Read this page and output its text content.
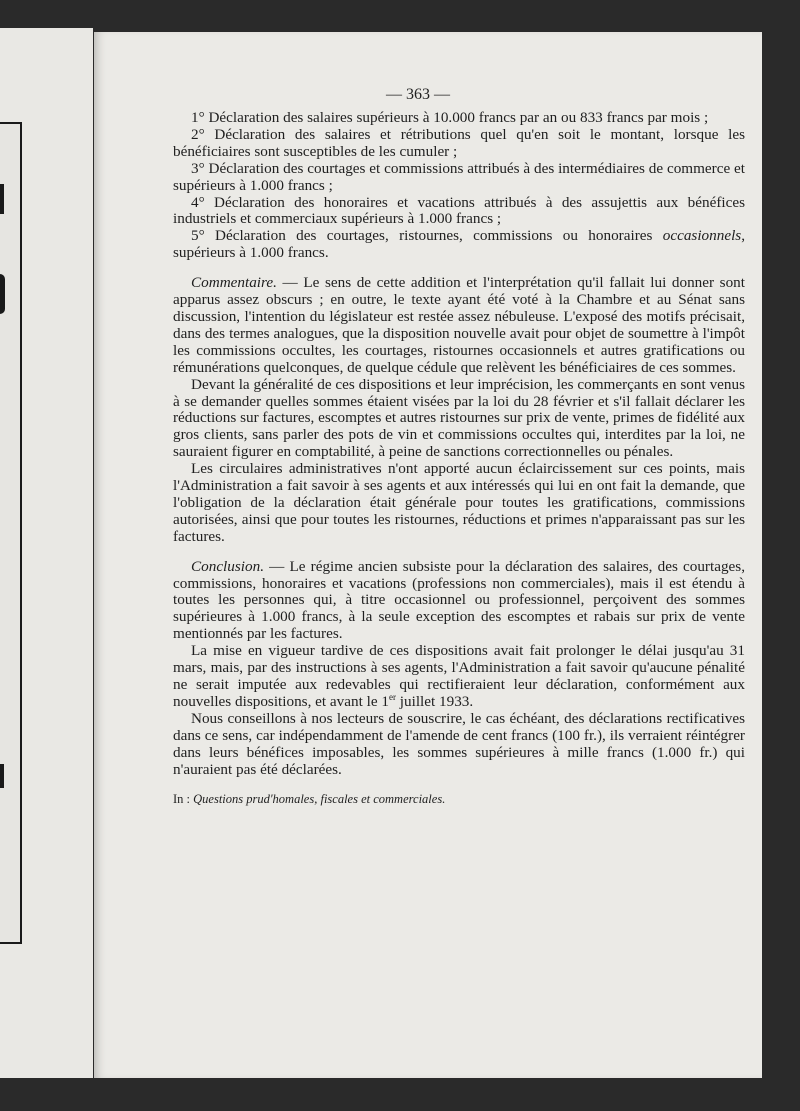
— 363 —

1° Déclaration des salaires supérieurs à 10.000 francs par an ou 833 francs par mois ;

2° Déclaration des salaires et rétributions quel qu'en soit le montant, lorsque les bénéficiaires sont susceptibles de les cumuler ;

3° Déclaration des courtages et commissions attribués à des intermédiaires de commerce et supérieurs à 1.000 francs ;

4° Déclaration des honoraires et vacations attribués à des assujettis aux bénéfices industriels et commerciaux supérieurs à 1.000 francs ;

5° Déclaration des courtages, ristournes, commissions ou honoraires occasionnels, supérieurs à 1.000 francs.

Commentaire. — Le sens de cette addition et l'interprétation qu'il fallait lui donner sont apparus assez obscurs ; en outre, le texte ayant été voté à la Chambre et au Sénat sans discussion, l'intention du législateur est restée assez nébuleuse. L'exposé des motifs précisait, dans des termes analogues, que la disposition nouvelle avait pour objet de soumettre à l'impôt les commissions occultes, les courtages, ristournes occasionnels et autres gratifications ou rémunérations quelconques, de quelque cédule que relèvent les bénéficiaires de ces sommes.

Devant la généralité de ces dispositions et leur imprécision, les commerçants en sont venus à se demander quelles sommes étaient visées par la loi du 28 février et s'il fallait déclarer les réductions sur factures, escomptes et autres ristournes sur prix de vente, primes de fidélité aux gros clients, sans parler des pots de vin et commissions occultes qui, interdites par la loi, ne sauraient figurer en comptabilité, à peine de sanctions correctionnelles ou pénales.

Les circulaires administratives n'ont apporté aucun éclaircissement sur ces points, mais l'Administration a fait savoir à ses agents et aux intéressés qui lui en ont fait la demande, que l'obligation de la déclaration était générale pour toutes les gratifications, commissions autorisées, ainsi que pour toutes les ristournes, réductions et primes n'apparaissant pas sur les factures.

Conclusion. — Le régime ancien subsiste pour la déclaration des salaires, des courtages, commissions, honoraires et vacations (professions non commerciales), mais il est étendu à toutes les personnes qui, à titre occasionnel ou professionnel, perçoivent des sommes supérieures à 1.000 francs, à la seule exception des escomptes et rabais sur prix de vente mentionnés par les factures.

La mise en vigueur tardive de ces dispositions avait fait prolonger le délai jusqu'au 31 mars, mais, par des instructions à ses agents, l'Administration a fait savoir qu'aucune pénalité ne serait imputée aux redevables qui rectifieraient leur déclaration, conformément aux nouvelles dispositions, et avant le 1er juillet 1933.

Nous conseillons à nos lecteurs de souscrire, le cas échéant, des déclarations rectificatives dans ce sens, car indépendamment de l'amende de cent francs (100 fr.), ils verraient réintégrer dans leurs bénéfices imposables, les sommes supérieures à mille francs (1.000 fr.) qui n'auraient pas été déclarées.

In : Questions prud'homales, fiscales et commerciales.
